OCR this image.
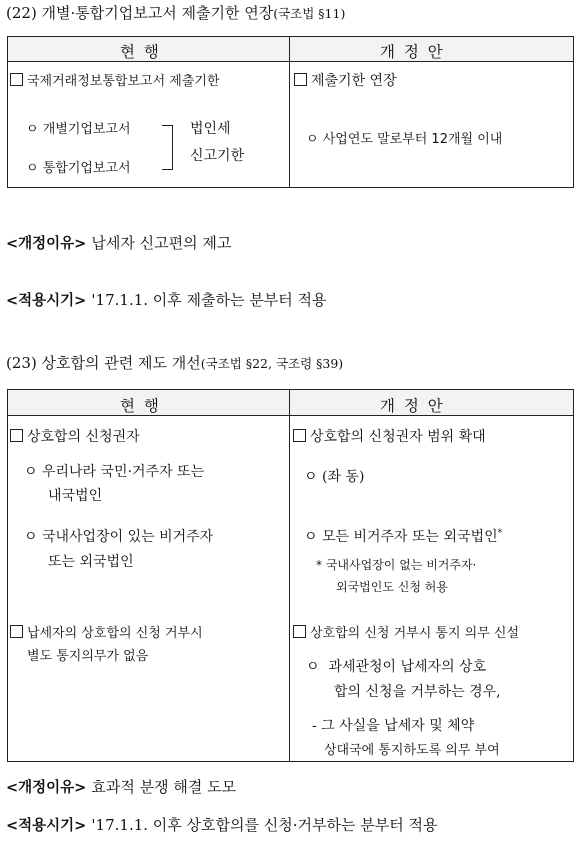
(22) 개별·통합기업보고서 제출기한 연장(국조법 §11)
현 행	개 정 안
국제거래정보통합보고서 제출기한
ㅇ 개별기업보고서
ㅇ 통합기업보고서
법인세
신고기한
제출기한 연장
ㅇ 사업연도 말로부터 12개월 이내
<개정이유> 납세자 신고편의 제고
<적용시기> '17.1.1. 이후 제출하는 분부터 적용
(23) 상호합의 관련 제도 개선(국조법 §22, 국조령 §39)
현 행	개 정 안
상호합의 신청권자
ㅇ 우리나라 국민·거주자 또는
내국법인
ㅇ 국내사업장이 있는 비거주자
또는 외국법인
납세자의 상호합의 신청 거부시
별도 통지의무가 없음
상호합의 신청권자 범위 확대
ㅇ (좌 동)
ㅇ 모든 비거주자 또는 외국법인*
* 국내사업장이 없는 비거주자·
외국법인도 신청 허용
상호합의 신청 거부시 통지 의무 신설
ㅇ  과세관청이 납세자의 상호
합의 신청을 거부하는 경우,
- 그 사실을 납세자 및 체약
상대국에 통지하도록 의무 부여
<개정이유> 효과적 분쟁 해결 도모
<적용시기> '17.1.1. 이후 상호합의를 신청·거부하는 분부터 적용
